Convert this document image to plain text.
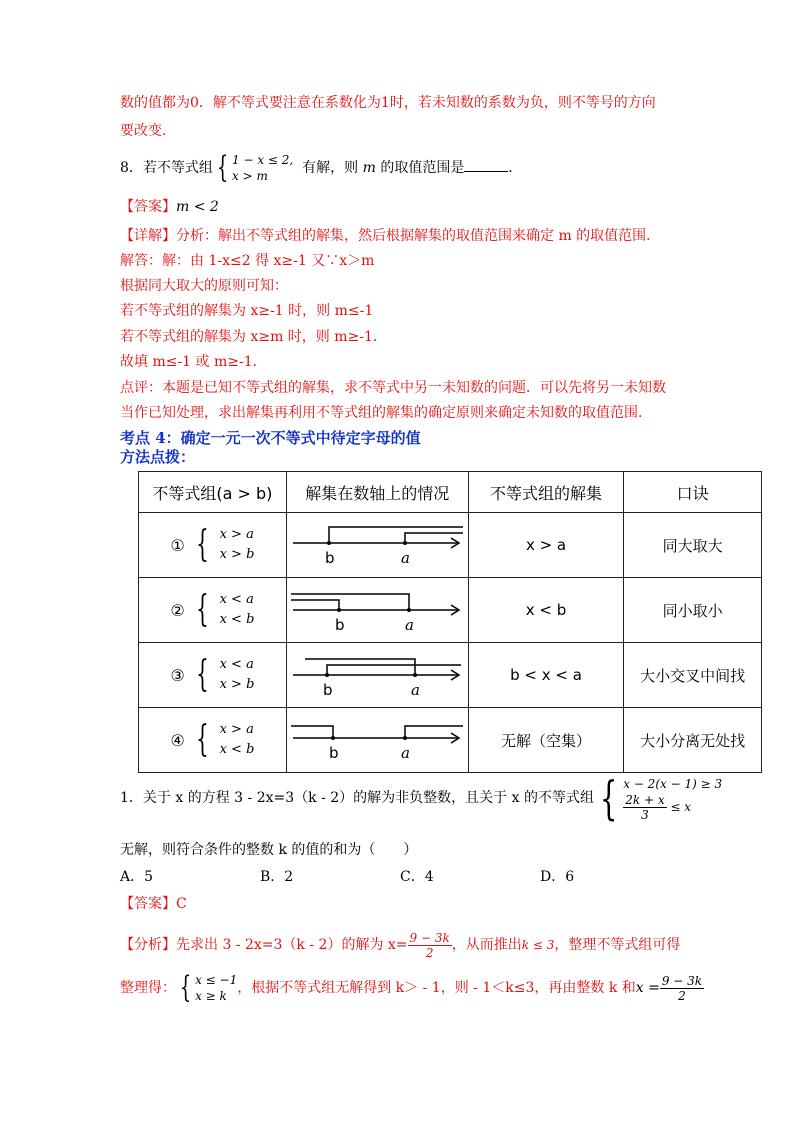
数的值都为0．解不等式要注意在系数化为1时，若未知数的系数为负，则不等号的方向
要改变．
8．若不等式组 { 1 − x ≤ 2,
x > m	有解，则 m 的取值范围是	．
【答案】m < 2
【详解】分析：解出不等式组的解集，然后根据解集的取值范围来确定 m 的取值范围．
解答：解：由 1-x≤2 得 x≥-1 又∵x＞m
根据同大取大的原则可知：
若不等式组的解集为 x≥-1 时，则 m≤-1
若不等式组的解集为 x≥m 时，则 m≥-1．
故填 m≤-1 或 m≥-1．
点评：本题是已知不等式组的解集，求不等式中另一未知数的问题．可以先将另一未知数
当作已知处理，求出解集再利用不等式组的解集的确定原则来确定未知数的取值范围．
考点 4：确定一元一次不等式中待定字母的值
方法点拨：
不等式组(a > b)	解集在数轴上的情况	不等式组的解集	口诀

① { x > a
x > b	b a	x > a	同大取大

② { x < a
x < b	b a	x < b	同小取小

③ { x < a
x > b	b a	b < x < a	大小交叉中间找

④ { x > a
x < b	b a	无解（空集）	大小分离无处找
1．关于 x 的方程 3 - 2x=3（k - 2）的解为非负整数，且关于 x 的不等式组 { x − 2(x − 1) ≥ 3

$\frac{2k + x}{3} \le x$
无解，则符合条件的整数 k 的值的和为（　　）
A．5	B．2	C．4	D．6
【答案】C
【分析】先求出 3 - 2x=3（k - 2）的解为 $x= \frac{9 - 3k}{2}$ ，从而推出k ≤ 3，整理不等式组可得
整理得： { x ≤ −1
x ≥ k ，根据不等式组无解得到 k＞ - 1，则 - 1＜k≤3，再由整数 k 和$x = \frac{9 - 3k}{2}$
